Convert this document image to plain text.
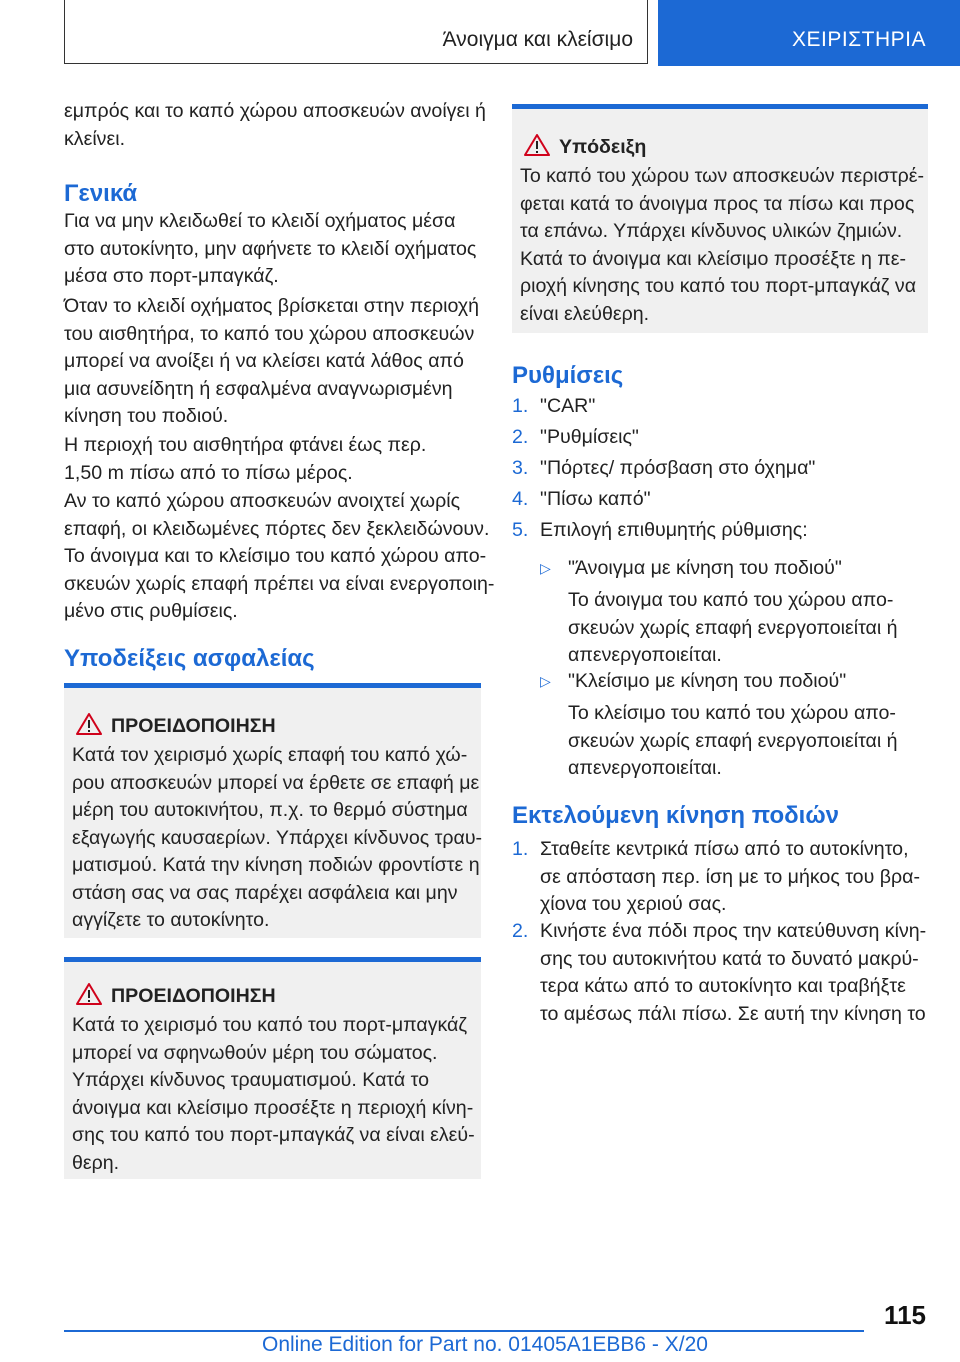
Άνοιγμα και κλείσιμο	ΧΕΙΡΙΣΤΗΡΙΑ

εμπρός και το καπό χώρου αποσκευών ανοίγει ή

κλείνει.

Γενικά

Για να μην κλειδωθεί το κλειδί οχήματος μέσα

στο αυτοκίνητο, μην αφήνετε το κλειδί οχήματος

μέσα στο πορτ-μπαγκάζ.

Όταν το κλειδί οχήματος βρίσκεται στην περιοχή

του αισθητήρα, το καπό του χώρου αποσκευών

μπορεί να ανοίξει ή να κλείσει κατά λάθος από

μια ασυνείδητη ή εσφαλμένα αναγνωρισμένη

κίνηση του ποδιού.

Η περιοχή του αισθητήρα φτάνει έως περ.

1,50 m πίσω από το πίσω μέρος.

Αν το καπό χώρου αποσκευών ανοιχτεί χωρίς

επαφή, οι κλειδωμένες πόρτες δεν ξεκλειδώνουν.

Το άνοιγμα και το κλείσιμο του καπό χώρου απο-

σκευών χωρίς επαφή πρέπει να είναι ενεργοποιη-

μένο στις ρυθμίσεις.

Υποδείξεις ασφαλείας
ΠΡΟΕΙΔΟΠΟΙΗΣΗ

Κατά τον χειρισμό χωρίς επαφή του καπό χώ-

ρου αποσκευών μπορεί να έρθετε σε επαφή με

μέρη του αυτοκινήτου, π.χ. το θερμό σύστημα

εξαγωγής καυσαερίων. Υπάρχει κίνδυνος τραυ-

ματισμού. Κατά την κίνηση ποδιών φροντίστε η

στάση σας να σας παρέχει ασφάλεια και μην

αγγίζετε το αυτοκίνητο.

ΠΡΟΕΙΔΟΠΟΙΗΣΗ

Κατά το χειρισμό του καπό του πορτ-μπαγκάζ

μπορεί να σφηνωθούν μέρη του σώματος.

Υπάρχει κίνδυνος τραυματισμού. Κατά το

άνοιγμα και κλείσιμο προσέξτε η περιοχή κίνη-

σης του καπό του πορτ-μπαγκάζ να είναι ελεύ-

θερη.

Υπόδειξη

Το καπό του χώρου των αποσκευών περιστρέ-

φεται κατά το άνοιγμα προς τα πίσω και προς

τα επάνω. Υπάρχει κίνδυνος υλικών ζημιών.

Κατά το άνοιγμα και κλείσιμο προσέξτε η πε-

ριοχή κίνησης του καπό του πορτ-μπαγκάζ να

είναι ελεύθερη.

Ρυθμίσεις
1. "CAR"
2. "Ρυθμίσεις"
3. "Πόρτες/ πρόσβαση στο όχημα"
4. "Πίσω καπό"
5. Επιλογή επιθυμητής ρύθμισης:
▷ "Άνοιγμα με κίνηση του ποδιού"

Το άνοιγμα του καπό του χώρου απο-

σκευών χωρίς επαφή ενεργοποιείται ή

απενεργοποιείται.

▷ "Κλείσιμο με κίνηση του ποδιού"

Το κλείσιμο του καπό του χώρου απο-

σκευών χωρίς επαφή ενεργοποιείται ή

απενεργοποιείται.

Εκτελούμενη κίνηση ποδιών
1. Σταθείτε κεντρικά πίσω από το αυτοκίνητο,

σε απόσταση περ. ίση με το μήκος του βρα-

χίονα του χεριού σας.

2. Κινήστε ένα πόδι προς την κατεύθυνση κίνη-

σης του αυτοκινήτου κατά το δυνατό μακρύ-

τερα κάτω από το αυτοκίνητο και τραβήξτε

το αμέσως πάλι πίσω. Σε αυτή την κίνηση το

115
Online Edition for Part no. 01405A1EBB6 - X/20
